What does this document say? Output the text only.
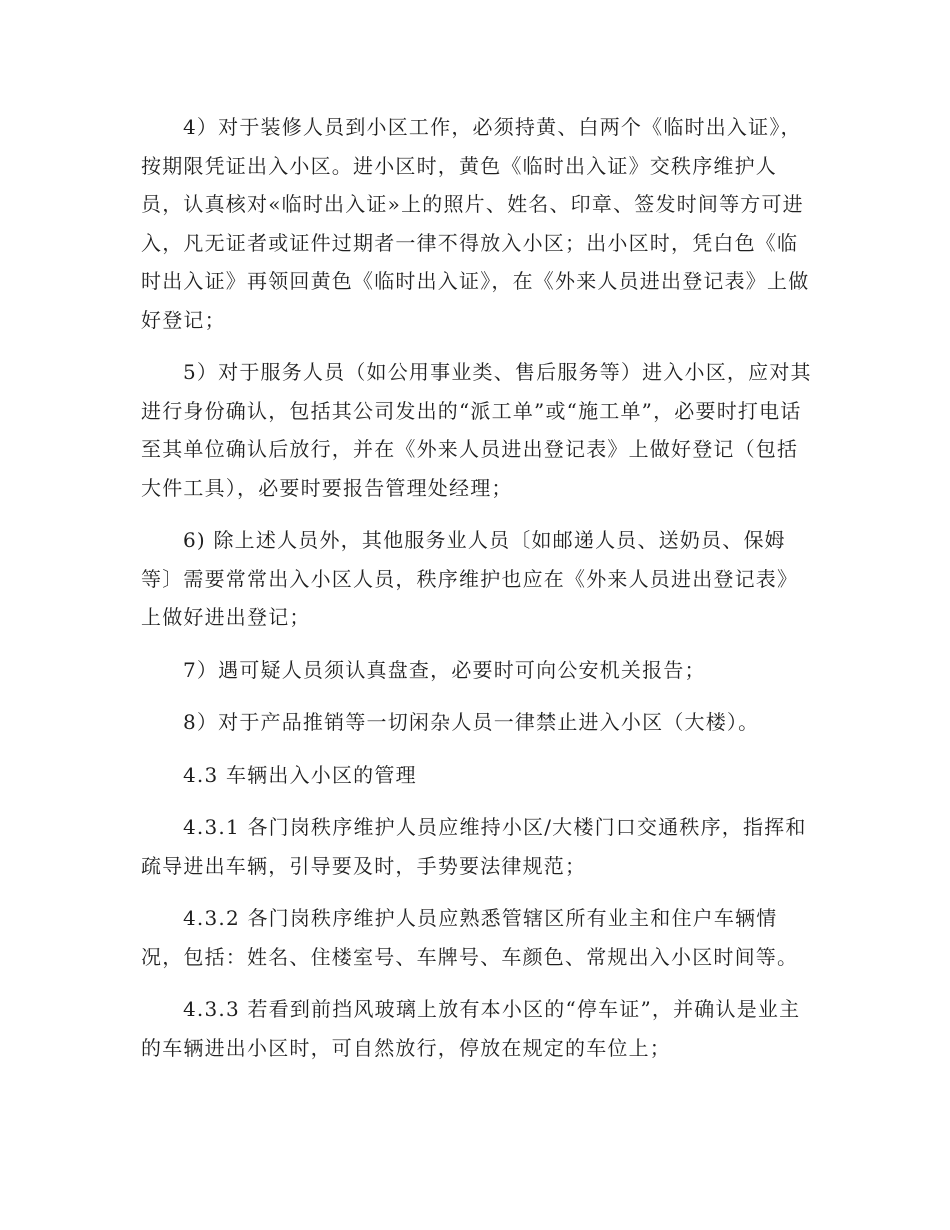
4）对于装修人员到小区工作，必须持黄、白两个《临时出入证》，按期限凭证出入小区。进小区时，黄色《临时出入证》交秩序维护人员，认真核对«临时出入证»上的照片、姓名、印章、签发时间等方可进入，凡无证者或证件过期者一律不得放入小区；出小区时，凭白色《临时出入证》再领回黄色《临时出入证》，在《外来人员进出登记表》上做好登记；

5）对于服务人员（如公用事业类、售后服务等）进入小区，应对其进行身份确认，包括其公司发出的“派工单”或“施工单”，必要时打电话至其单位确认后放行，并在《外来人员进出登记表》上做好登记（包括大件工具），必要时要报告管理处经理；

6) 除上述人员外，其他服务业人员〔如邮递人员、送奶员、保姆等〕需要常常出入小区人员，秩序维护也应在《外来人员进出登记表》上做好进出登记；

7）遇可疑人员须认真盘查，必要时可向公安机关报告；

8）对于产品推销等一切闲杂人员一律禁止进入小区（大楼）。

4.3 车辆出入小区的管理

4.3.1 各门岗秩序维护人员应维持小区/大楼门口交通秩序，指挥和疏导进出车辆，引导要及时，手势要法律规范；

4.3.2 各门岗秩序维护人员应熟悉管辖区所有业主和住户车辆情况，包括：姓名、住楼室号、车牌号、车颜色、常规出入小区时间等。

4.3.3 若看到前挡风玻璃上放有本小区的“停车证”，并确认是业主的车辆进出小区时，可自然放行，停放在规定的车位上；
